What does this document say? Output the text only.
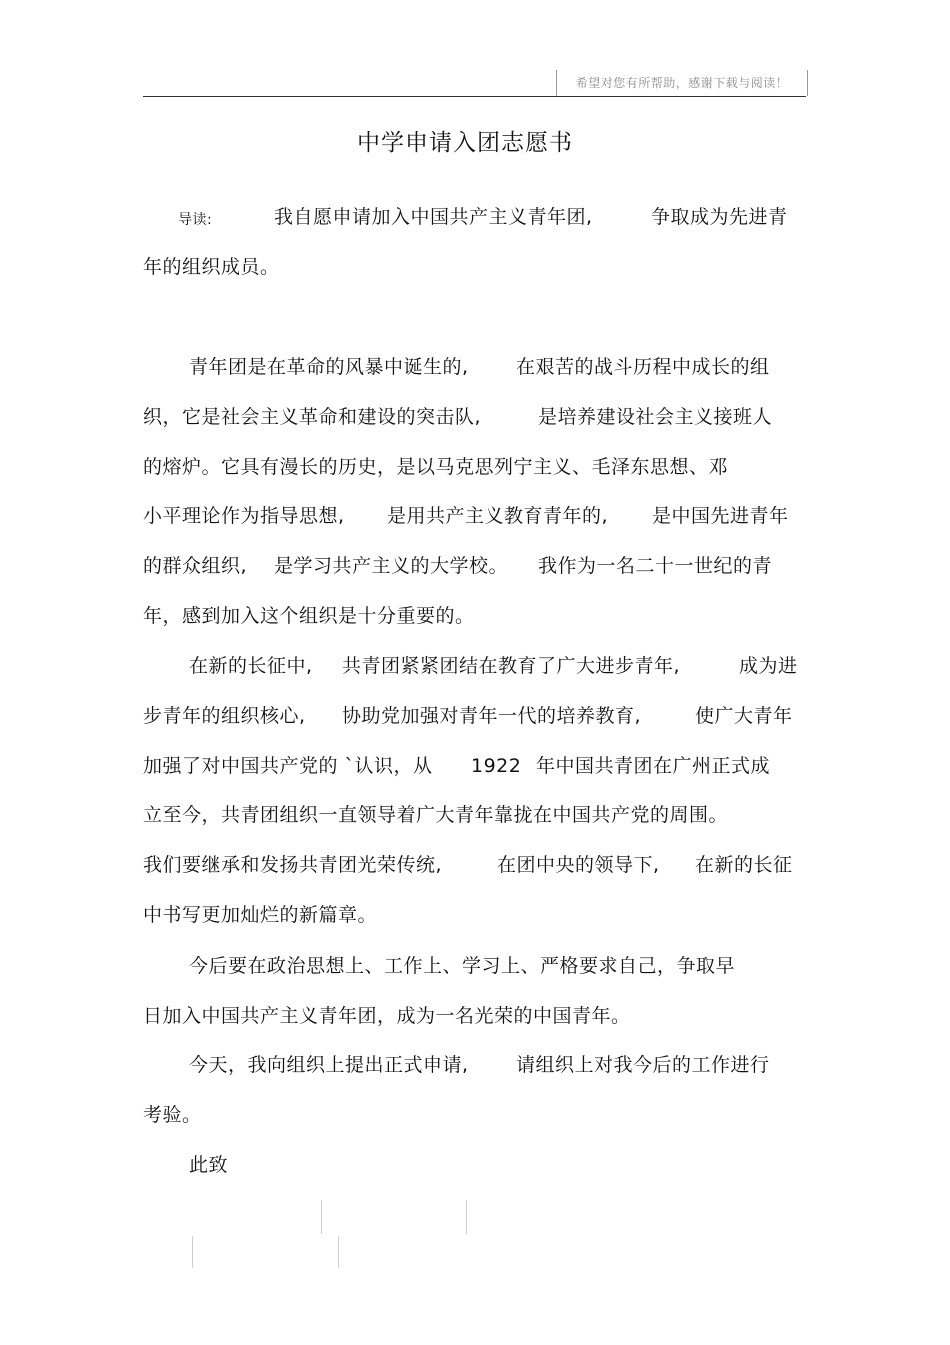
希望对您有所帮助，感谢下载与阅读！
中学申请入团志愿书
导读:	我自愿申请加入中国共产主义青年团,	争取成为先进青
年的组织成员。
青年团是在革命的风暴中诞生的, 在艰苦的战斗历程中成长的组
织，它是社会主义革命和建设的突击队,	是培养建设社会主义接班人
的熔炉。它具有漫长的历史，是以马克思列宁主义、毛泽东思想、邓
小平理论作为指导思想, 是用共产主义教育青年的, 是中国先进青年
的群众组织, 是学习共产主义的大学校。 我作为一名二十一世纪的青
年，感到加入这个组织是十分重要的。
在新的长征中, 共青团紧紧团结在教育了广大进步青年,	成为进
步青年的组织核心, 协助党加强对青年一代的培养教育,	使广大青年
加强了对中国共产党的 `认识，从 1922 年中国共青团在广州正式成
立至今，共青团组织一直领导着广大青年靠拢在中国共产党的周围。
我们要继承和发扬共青团光荣传统,	在团中央的领导下, 在新的长征
中书写更加灿烂的新篇章。
今后要在政治思想上、工作上、学习上、严格要求自己，争取早
日加入中国共产主义青年团，成为一名光荣的中国青年。
今天，我向组织上提出正式申请, 请组织上对我今后的工作进行
考验。
此致
